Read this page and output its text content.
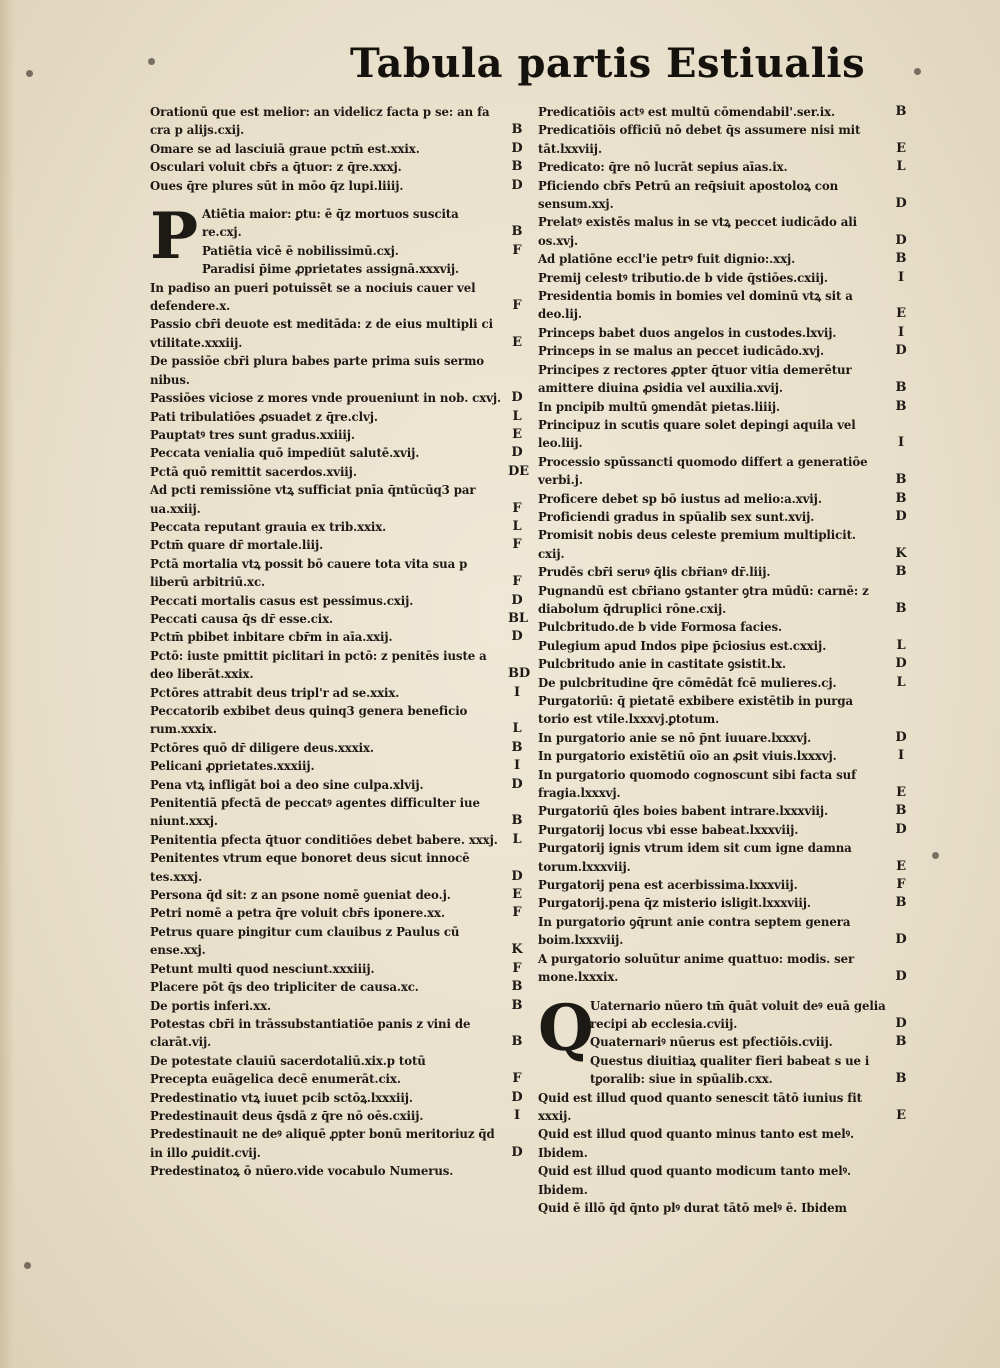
Tabula partis Estiualis
Orationū que est melior: an videlicz facta p se: an fa cra p alijs.cxij.	B
Omare se ad lasciuiā graue pctm̄ est.xxix.	D
Osculari voluit cbr̄s a q̄tuor: z q̄re.xxxj.	B
Oues q̄re plures sūt in mōo q̄z lupi.liiij.	D
P Atiētia maior: ꝑtu: ē q̄z mortuos suscita re.cxj.	B
Patiētia vicē ē nobilissimū.cxj.	F
Paradisi p̄ime ꝓprietates assignā.xxxvij.
In padiso an pueri potuissēt se a nociuis cauer vel defendere.x.	F
Passio cbr̄i deuote est meditāda: z de eius multipli ci vtilitate.xxxiij.	E
De passiōe cbr̄i plura babes parte prima suis sermo nibus.
Passiōes viciose z mores vnde proueniunt in nob. cxvj. D
Pati tribulatiōes ꝓsuadet z q̄re.clvj.	L
Pauptatꝰ tres sunt gradus.xxiiij.	E
Peccata venialia quō impediūt salutē.xvij.	D
Pctā quō remittit sacerdos.xviij.	DE
Ad pcti remissiōne vtꝝ sufficiat pnīa q̄ntūcūq3 par ua.xxiij.	F
Peccata reputant grauia ex trib.xxix.	L
Pctm̄ quare dr̄ mortale.liij.	F
Pctā mortalia vtꝝ possit bō cauere tota vita sua p liberū arbitriū.xc.	F
Peccati mortalis casus est pessimus.cxij.	D
Peccati causa q̄s dr̄ esse.cix.	BL
Pctm̄ pbibet inbitare cbr̄m in aīa.xxij.	D
Pctō: iuste pmittit piclitari in pctō: z penitēs iuste a deo liberāt.xxix.	BD
Pctōres attrabit deus tripl'r ad se.xxix.	I
Peccatorib exbibet deus quinq3 genera beneficio rum.xxxix.	L
Pctōres quō dr̄ diligere deus.xxxix.	B
Pelicani ꝓprietates.xxxiij.	I
Pena vtꝝ infligāt boi a deo sine culpa.xlvij.	D
Penitentiā pfectā de peccatꝰ agentes difficulter iue niunt.xxxj.	B
Penitentia pfecta q̄tuor conditiōes debet babere. xxxj.	L
Penitentes vtrum eque bonoret deus sicut innocē tes.xxxj.	D
Persona q̄d sit: z an psone nomē ꝯueniat deo.j.	E
Petri nomē a petra q̄re voluit cbr̄s iponere.xx.	F
Petrus quare pingitur cum clauibus z Paulus cū ense.xxj.	K
Petunt multi quod nesciunt.xxxiiij.	F
Placere pōt q̄s deo tripliciter de causa.xc.	B
De portis inferi.xx.	B
Potestas cbr̄i in trāssubstantiatiōe panis z vini de clarāt.vij.	B
De potestate clauiū sacerdotaliū.xix.p totū
Precepta euāgelica decē enumerāt.cix.	F
Predestinatio vtꝝ iuuet pcib sctōꝝ.lxxxiij.	D
Predestinauit deus q̄sdā z q̄re nō oēs.cxiij.	I
Predestinauit ne deꝰ aliquē ꝓpter bonū meritoriuz q̄d in illo ꝓuidit.cvij.	D
Predestinatoꝝ ō nūero.vide vocabulo Numerus.
Predicatiōis actꝰ est multū cōmendabil'.ser.ix.	B
Predicatiōis officiū nō debet q̄s assumere nisi mit tāt.lxxviij.	E
Predicato: q̄re nō lucrāt sepius aīas.ix.	L
Pficiendo cbr̄s Petrū an req̄siuit apostoloꝝ con sensum.xxj.	D
Prelatꝰ existēs malus in se vtꝝ peccet iudicādo ali os.xvj.	D
Ad platiōne eccl'ie petrꝰ fuit digni̇o:.xxj.	B
Premij celestꝰ tributio.de b vide q̄stiōes.cxiij.	I
Presidentia bomis in bomies vel dominū vtꝝ sit a deo.lij.	E
Princeps babet duos angelos in custodes.lxvij.	I
Princeps in se malus an peccet iudicādo.xvj.	D
Principes z rectores ꝓpter q̄tuor vitia demerētur amittere diuina ꝓsidia vel auxilia.xvij.	B
In pncipib multū ꝯmendāt pietas.liiij.	B
Principuz in scutis quare solet depingi aquila vel leo.liij.	I
Processio spūssancti quomodo differt a generatiōe verbi.j.	B
Proficere debet sp bō iustus ad melio:a.xvij.	B
Proficiendi gradus in spūalib sex sunt.xvij.	D
Promisit nobis deus celeste premium multiplicit. cxij.	K
Prudēs cbr̄i seruꝰ q̄lis cbr̄ianꝰ dr̄.liij.	B
Pugnandū est cbr̄iano ꝯstanter ꝯtra mūdū: carnē: z diabolum q̄druplici rōne.cxij.	B
Pulcbritudo.de b vide Formosa facies.
Pulegium apud Indos pipe p̄ciosius est.cxxij.	L
Pulcbritudo anie in castitate ꝯsistit.lx.	D
De pulcbritudine q̄re cōmēdāt fcē mulieres.cj.	L
Purgatoriū: q̄ pietatē exbibere existētib in purga torio est vtile.lxxxvj.ꝑtotum.
In purgatorio anie se nō p̄nt iuuare.lxxxvj.	D
In purgatorio existētiū oīo an ꝓsit viuis.lxxxvj.	I
In purgatorio quomodo cognoscunt sibi facta suf fragia.lxxxvj.	E
Purgatoriū q̄les boies babent intrare.lxxxviij.	B
Purgatorij locus vbi esse babeat.lxxxviij.	D
Purgatorij ignis vtrum idem sit cum igne damna torum.lxxxviij.	E
Purgatorij pena est acerbissima.lxxxviij.	F
Purgatorij.pena q̄z misterio isligit.lxxxviij.	B
In purgatorio ꝯq̄runt anie contra septem genera boim.lxxxviij.	D
A purgatorio soluūtur anime quattuo: modis. ser mone.lxxxix.	D
Q
Uaternario nūero tm̄ q̄uāt voluit deꝰ euā gelia recipi ab ecclesia.cviij.	D
Quaternariꝰ nūerus est pfectiōis.cviij.	B
Questus diuitiaꝝ qualiter fieri babeat s ue i tꝑoralib: siue in spūalib.cxx.	B
Quid est illud quod quanto senescit tātō iunius fit xxxij.	E
Quid est illud quod quanto minus tanto est melꝰ. Ibidem.
Quid est illud quod quanto modicum tanto melꝰ. Ibidem.
Quid ē illō q̄d q̄nto plꝰ durat tātō melꝰ ē. Ibidem
